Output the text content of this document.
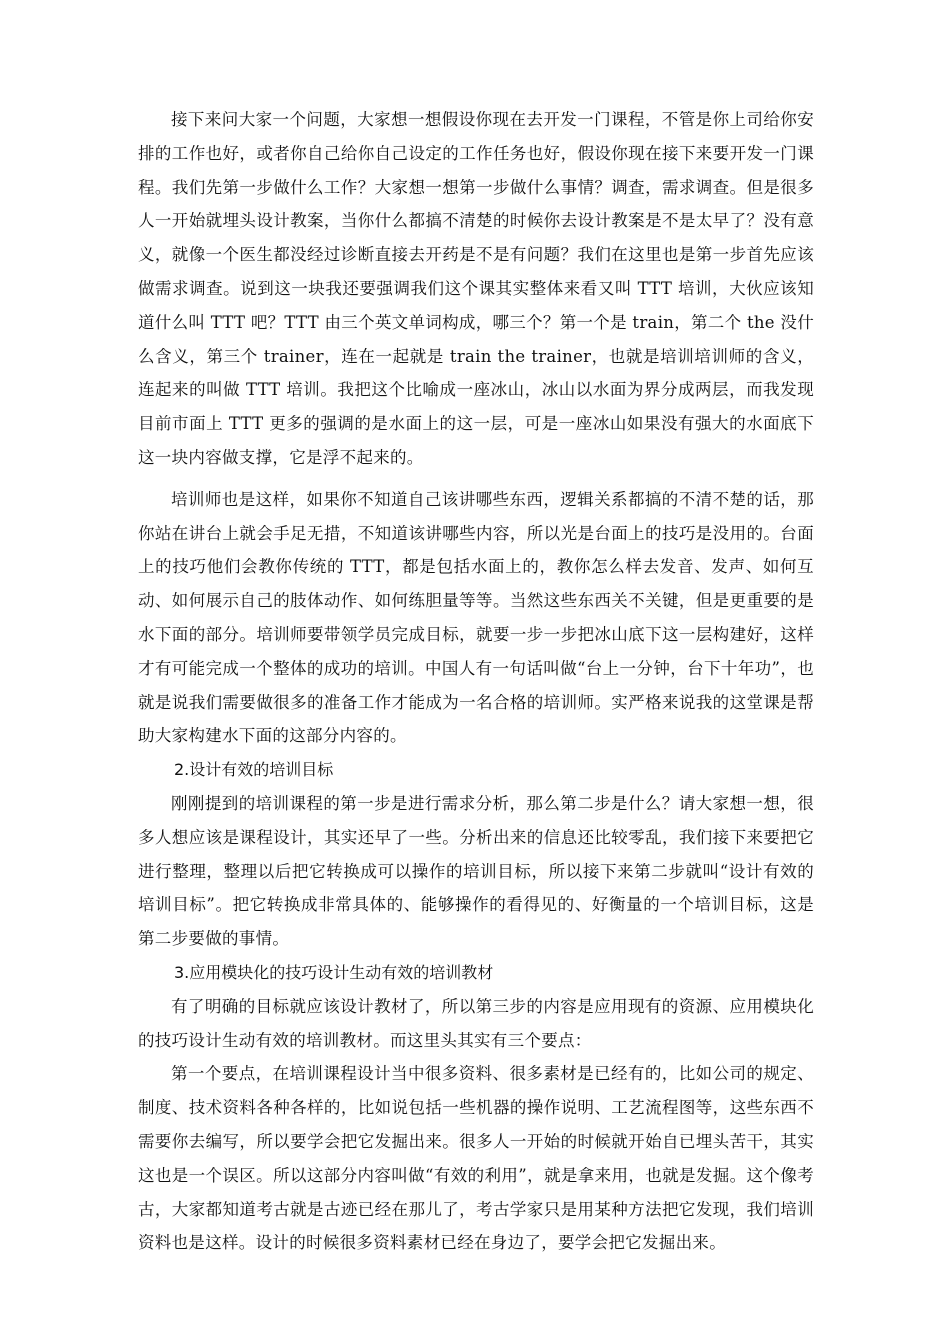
接下来问大家一个问题，大家想一想假设你现在去开发一门课程，不管是你上司给你安排的工作也好，或者你自己给你自己设定的工作任务也好，假设你现在接下来要开发一门课程。我们先第一步做什么工作？大家想一想第一步做什么事情？调查，需求调查。但是很多人一开始就埋头设计教案，当你什么都搞不清楚的时候你去设计教案是不是太早了？没有意义，就像一个医生都没经过诊断直接去开药是不是有问题？我们在这里也是第一步首先应该做需求调查。说到这一块我还要强调我们这个课其实整体来看又叫 TTT 培训，大伙应该知道什么叫 TTT 吧？TTT 由三个英文单词构成，哪三个？第一个是 train，第二个 the 没什么含义，第三个 trainer，连在一起就是 train the trainer，也就是培训培训师的含义，连起来的叫做 TTT 培训。我把这个比喻成一座冰山，冰山以水面为界分成两层，而我发现目前市面上 TTT 更多的强调的是水面上的这一层，可是一座冰山如果没有强大的水面底下这一块内容做支撑，它是浮不起来的。

培训师也是这样，如果你不知道自己该讲哪些东西，逻辑关系都搞的不清不楚的话，那你站在讲台上就会手足无措，不知道该讲哪些内容，所以光是台面上的技巧是没用的。台面上的技巧他们会教你传统的 TTT，都是包括水面上的，教你怎么样去发音、发声、如何互动、如何展示自己的肢体动作、如何练胆量等等。当然这些东西关不关键，但是更重要的是水下面的部分。培训师要带领学员完成目标，就要一步一步把冰山底下这一层构建好，这样才有可能完成一个整体的成功的培训。中国人有一句话叫做“台上一分钟，台下十年功”，也就是说我们需要做很多的准备工作才能成为一名合格的培训师。实严格来说我的这堂课是帮助大家构建水下面的这部分内容的。

2.设计有效的培训目标

刚刚提到的培训课程的第一步是进行需求分析，那么第二步是什么？请大家想一想，很多人想应该是课程设计，其实还早了一些。分析出来的信息还比较零乱，我们接下来要把它进行整理，整理以后把它转换成可以操作的培训目标，所以接下来第二步就叫“设计有效的培训目标”。把它转换成非常具体的、能够操作的看得见的、好衡量的一个培训目标，这是第二步要做的事情。

3.应用模块化的技巧设计生动有效的培训教材

有了明确的目标就应该设计教材了，所以第三步的内容是应用现有的资源、应用模块化的技巧设计生动有效的培训教材。而这里头其实有三个要点：

第一个要点，在培训课程设计当中很多资料、很多素材是已经有的，比如公司的规定、制度、技术资料各种各样的，比如说包括一些机器的操作说明、工艺流程图等，这些东西不需要你去编写，所以要学会把它发掘出来。很多人一开始的时候就开始自已埋头苦干，其实这也是一个误区。所以这部分内容叫做“有效的利用”，就是拿来用，也就是发掘。这个像考古，大家都知道考古就是古迹已经在那儿了，考古学家只是用某种方法把它发现，我们培训资料也是这样。设计的时候很多资料素材已经在身边了，要学会把它发掘出来。
